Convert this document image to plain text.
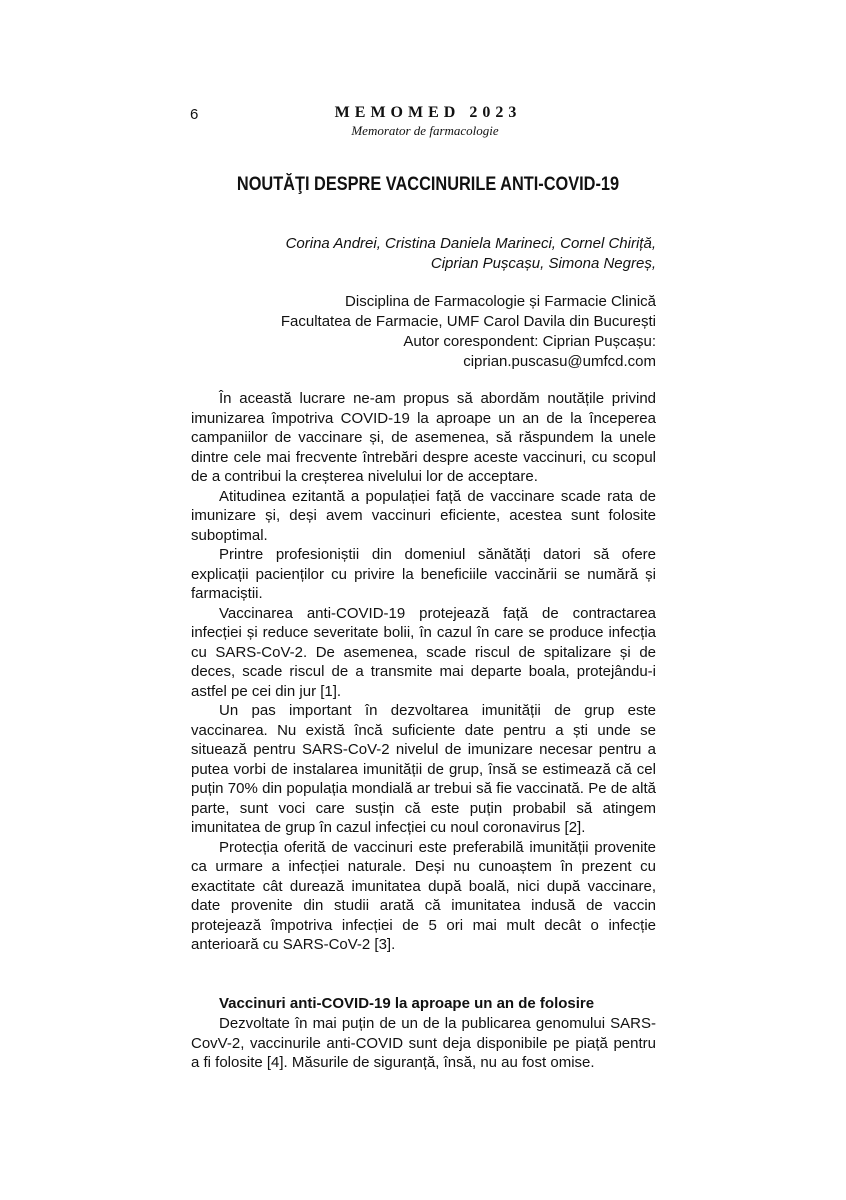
6	MEMOMED 2023
Memorator de farmacologie
NOUTĂŢI DESPRE VACCINURILE ANTI-COVID-19
Corina Andrei, Cristina Daniela Marineci, Cornel Chiriță,
Ciprian Pușcașu, Simona Negreș,
Disciplina de Farmacologie și Farmacie Clinică
Facultatea de Farmacie, UMF Carol Davila din București
Autor corespondent: Ciprian Pușcașu:
ciprian.puscasu@umfcd.com

În această lucrare ne-am propus să abordăm noutățile privind imunizarea împotriva COVID-19 la aproape un an de la începerea campaniilor de vaccinare și, de asemenea, să răspundem la unele dintre cele mai frecvente întrebări despre aceste vaccinuri, cu scopul de a contribui la creșterea nivelului lor de acceptare.

Atitudinea ezitantă a populației față de vaccinare scade rata de imunizare și, deși avem vaccinuri eficiente, acestea sunt folosite suboptimal.

Printre profesioniștii din domeniul sănătăți datori să ofere explicații pacienților cu privire la beneficiile vaccinării se numără și farmaciștii.

Vaccinarea anti-COVID-19 protejează față de contractarea infecției și reduce severitate bolii, în cazul în care se produce infecția cu SARS-CoV-2. De asemenea, scade riscul de spitalizare și de deces, scade riscul de a transmite mai departe boala, protejându-i astfel pe cei din jur [1].

Un pas important în dezvoltarea imunității de grup este vaccinarea. Nu există încă suficiente date pentru a ști unde se situează pentru SARS-CoV-2 nivelul de imunizare necesar pentru a putea vorbi de instalarea imunității de grup, însă se estimează că cel puțin 70% din populația mondială ar trebui să fie vaccinată. Pe de altă parte, sunt voci care susțin că este puțin probabil să atingem imunitatea de grup în cazul infecției cu noul coronavirus [2].

Protecția oferită de vaccinuri este preferabilă imunității provenite ca urmare a infecției naturale. Deși nu cunoaștem în prezent cu exactitate cât durează imunitatea după boală, nici după vaccinare, date provenite din studii arată că imunitatea indusă de vaccin protejează împotriva infecției de 5 ori mai mult decât o infecție anterioară cu SARS-CoV-2 [3].

Vaccinuri anti-COVID-19 la aproape un an de folosire

Dezvoltate în mai puțin de un de la publicarea genomului SARS-CovV-2, vaccinurile anti-COVID sunt deja disponibile pe piață pentru a fi folosite [4]. Măsurile de siguranță, însă, nu au fost omise.
